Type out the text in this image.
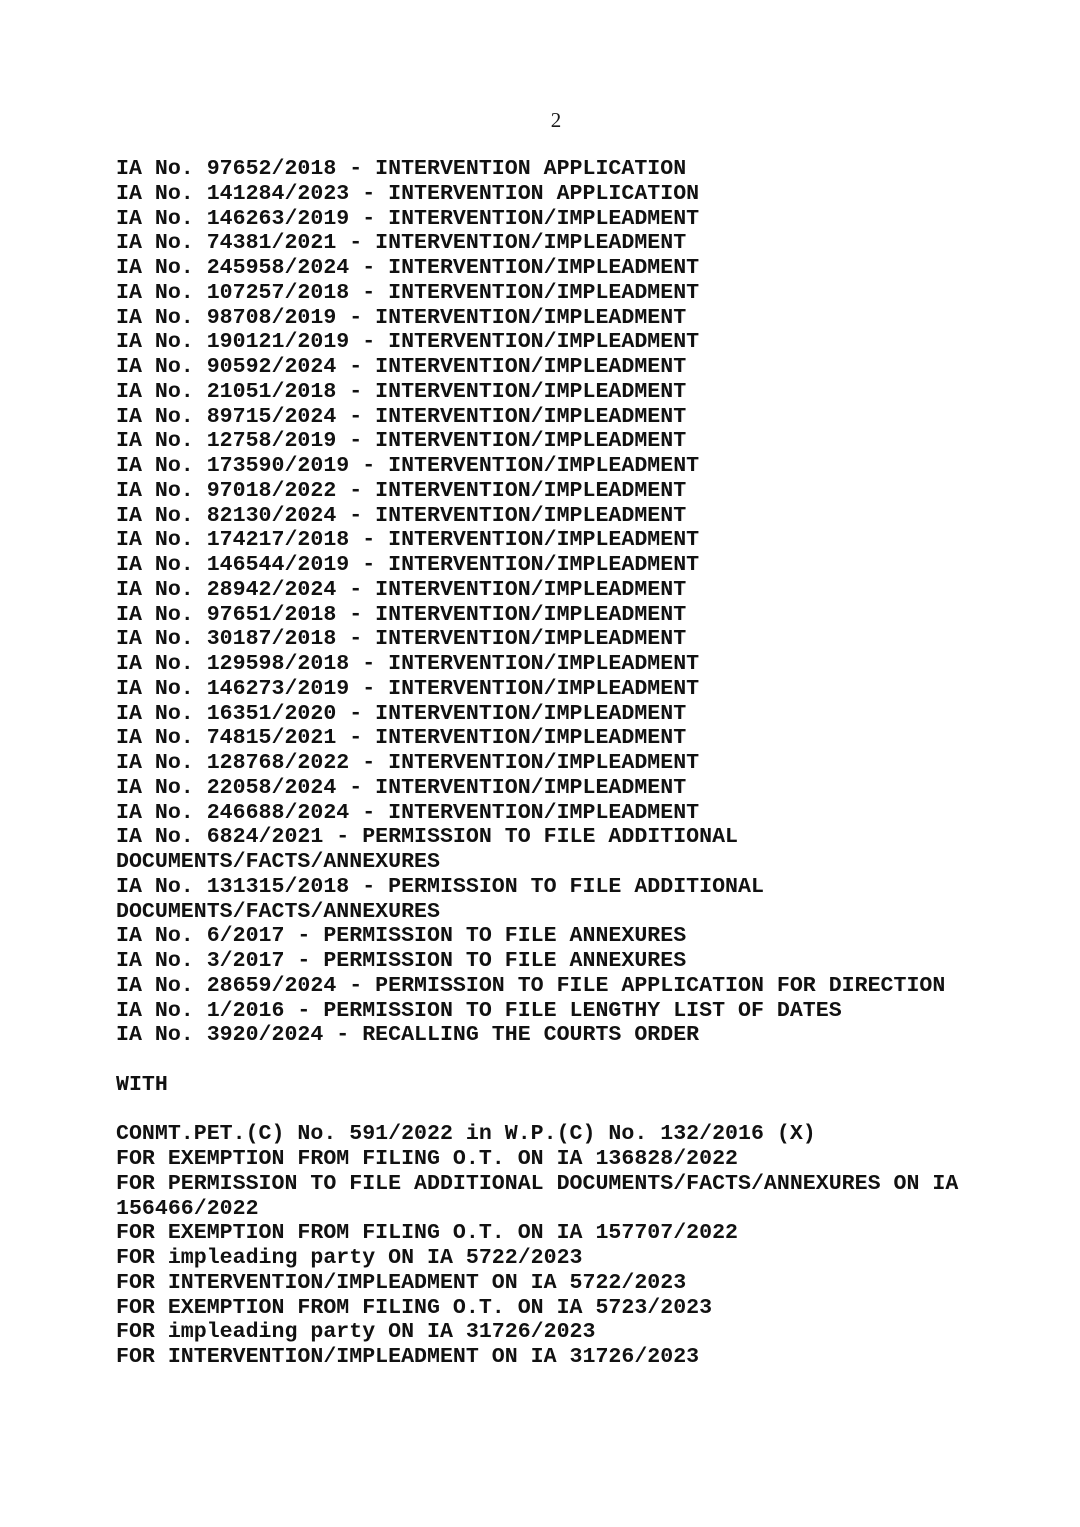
2
IA No. 97652/2018 - INTERVENTION APPLICATION
IA No. 141284/2023 - INTERVENTION APPLICATION
IA No. 146263/2019 - INTERVENTION/IMPLEADMENT
IA No. 74381/2021 - INTERVENTION/IMPLEADMENT
IA No. 245958/2024 - INTERVENTION/IMPLEADMENT
IA No. 107257/2018 - INTERVENTION/IMPLEADMENT
IA No. 98708/2019 - INTERVENTION/IMPLEADMENT
IA No. 190121/2019 - INTERVENTION/IMPLEADMENT
IA No. 90592/2024 - INTERVENTION/IMPLEADMENT
IA No. 21051/2018 - INTERVENTION/IMPLEADMENT
IA No. 89715/2024 - INTERVENTION/IMPLEADMENT
IA No. 12758/2019 - INTERVENTION/IMPLEADMENT
IA No. 173590/2019 - INTERVENTION/IMPLEADMENT
IA No. 97018/2022 - INTERVENTION/IMPLEADMENT
IA No. 82130/2024 - INTERVENTION/IMPLEADMENT
IA No. 174217/2018 - INTERVENTION/IMPLEADMENT
IA No. 146544/2019 - INTERVENTION/IMPLEADMENT
IA No. 28942/2024 - INTERVENTION/IMPLEADMENT
IA No. 97651/2018 - INTERVENTION/IMPLEADMENT
IA No. 30187/2018 - INTERVENTION/IMPLEADMENT
IA No. 129598/2018 - INTERVENTION/IMPLEADMENT
IA No. 146273/2019 - INTERVENTION/IMPLEADMENT
IA No. 16351/2020 - INTERVENTION/IMPLEADMENT
IA No. 74815/2021 - INTERVENTION/IMPLEADMENT
IA No. 128768/2022 - INTERVENTION/IMPLEADMENT
IA No. 22058/2024 - INTERVENTION/IMPLEADMENT
IA No. 246688/2024 - INTERVENTION/IMPLEADMENT
IA No. 6824/2021 - PERMISSION TO FILE ADDITIONAL
DOCUMENTS/FACTS/ANNEXURES
IA No. 131315/2018 - PERMISSION TO FILE ADDITIONAL
DOCUMENTS/FACTS/ANNEXURES
IA No. 6/2017 - PERMISSION TO FILE ANNEXURES
IA No. 3/2017 - PERMISSION TO FILE ANNEXURES
IA No. 28659/2024 - PERMISSION TO FILE APPLICATION FOR DIRECTION
IA No. 1/2016 - PERMISSION TO FILE LENGTHY LIST OF DATES
IA No. 3920/2024 - RECALLING THE COURTS ORDER
WITH
CONMT.PET.(C) No. 591/2022 in W.P.(C) No. 132/2016 (X)
FOR EXEMPTION FROM FILING O.T. ON IA 136828/2022
FOR PERMISSION TO FILE ADDITIONAL DOCUMENTS/FACTS/ANNEXURES ON IA
156466/2022
FOR EXEMPTION FROM FILING O.T. ON IA 157707/2022
FOR impleading party ON IA 5722/2023
FOR INTERVENTION/IMPLEADMENT ON IA 5722/2023
FOR EXEMPTION FROM FILING O.T. ON IA 5723/2023
FOR impleading party ON IA 31726/2023
FOR INTERVENTION/IMPLEADMENT ON IA 31726/2023
